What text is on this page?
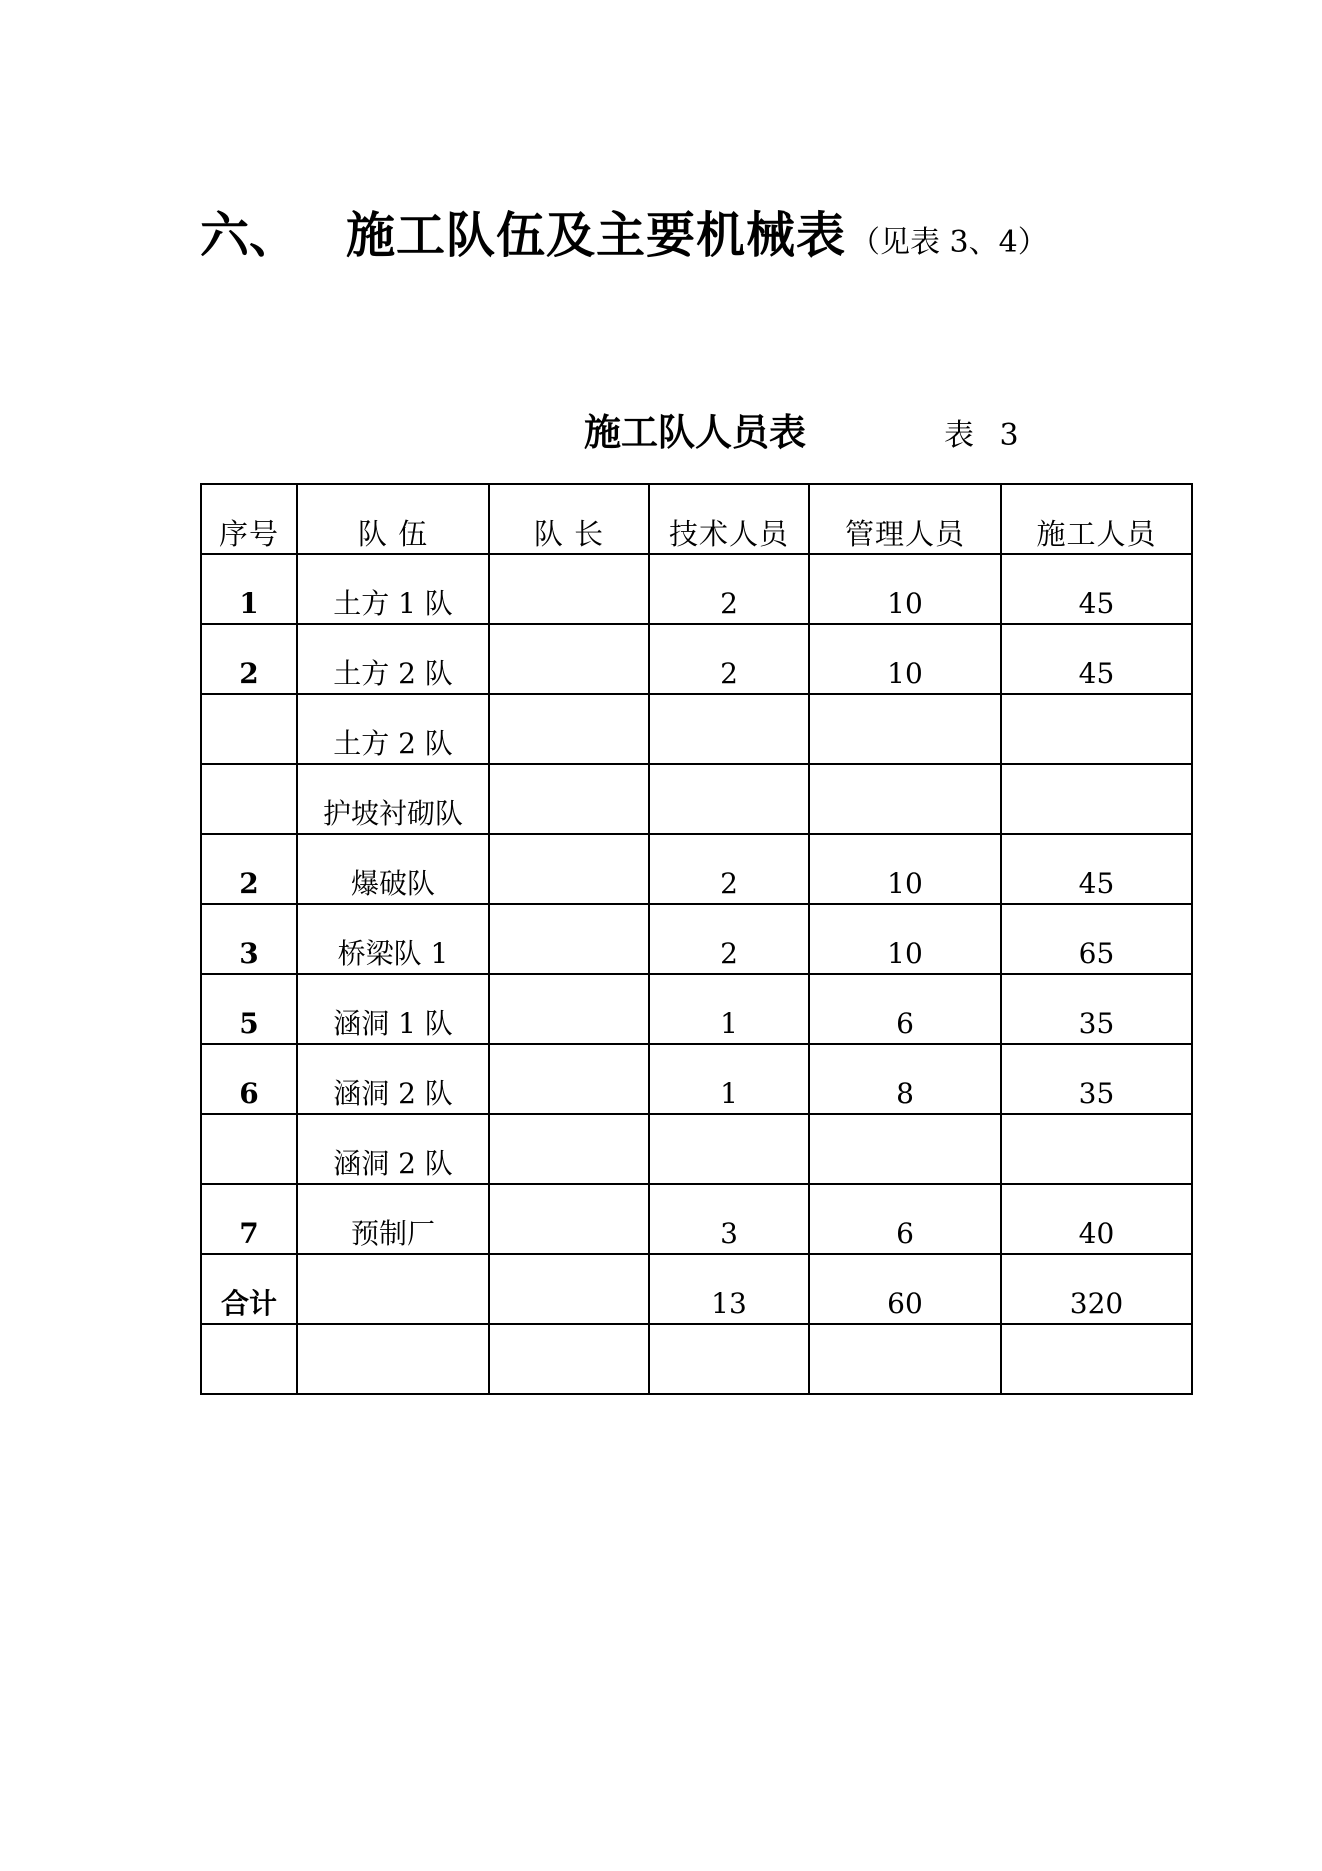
六、 施工队伍及主要机械表 （见表 3、4）
施工队人员表	表 3
序号	队 伍	队 长	技术人员	管理人员	施工人员
1	土方 1 队		2	10	45
2	土方 2 队		2	10	45
	土方 2 队				
	护坡衬砌队				
2	爆破队		2	10	45
3	桥梁队 1		2	10	65
5	涵洞 1 队		1	6	35
6	涵洞 2 队		1	8	35
	涵洞 2 队				
7	预制厂		3	6	40
合计			13	60	320
